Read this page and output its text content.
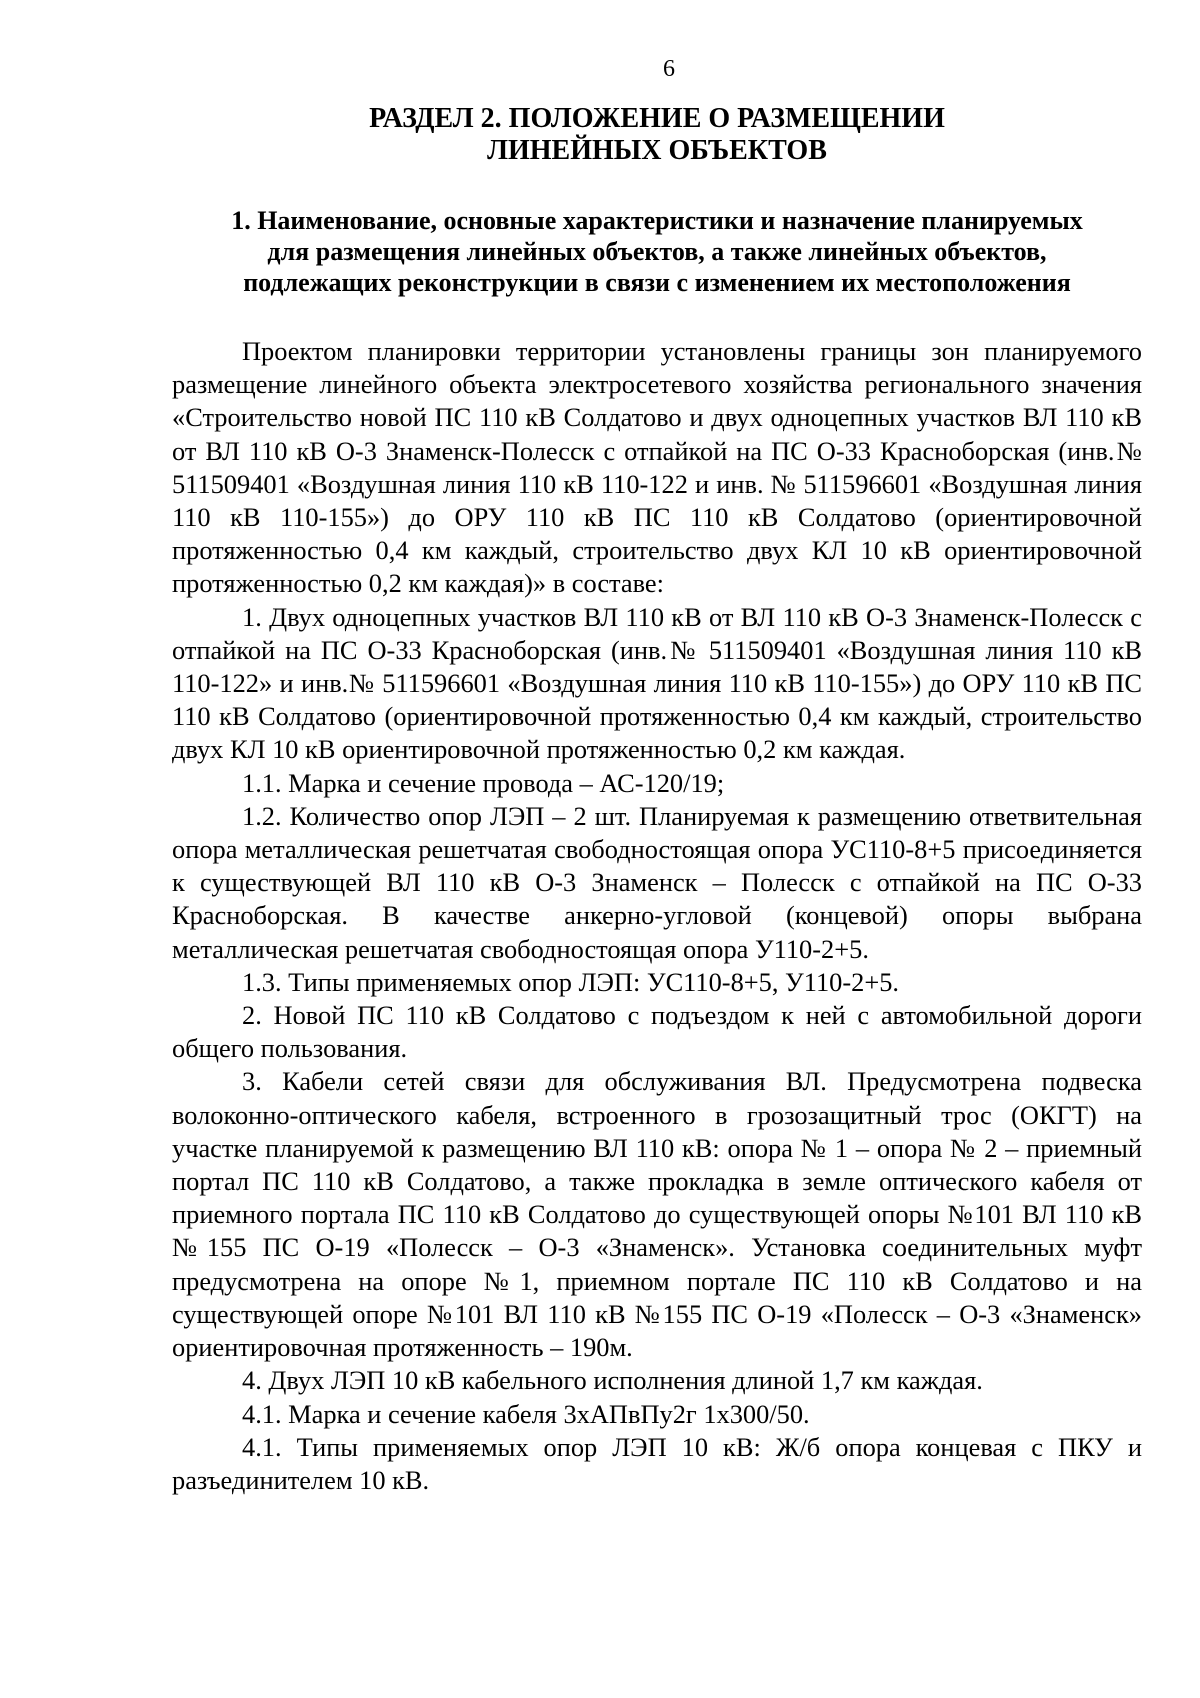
6
РАЗДЕЛ 2. ПОЛОЖЕНИЕ О РАЗМЕЩЕНИИ
ЛИНЕЙНЫХ ОБЪЕКТОВ
1. Наименование, основные характеристики и назначение планируемых
для размещения линейных объектов, а также линейных объектов,
подлежащих реконструкции в связи с изменением их местоположения

Проектом планировки территории установлены границы зон планируемого размещение линейного объекта электросетевого хозяйства регионального значения «Строительство новой ПС 110 кВ Солдатово и двух одноцепных участков ВЛ 110 кВ от ВЛ 110 кВ О-3 Знаменск-Полесск с отпайкой на ПС О-33 Красноборская (инв.№ 511509401 «Воздушная линия 110 кВ 110-122 и инв. № 511596601 «Воздушная линия 110 кВ 110-155») до ОРУ 110 кВ ПС 110 кВ Солдатово (ориентировочной протяженностью 0,4 км каждый, строительство двух КЛ 10 кВ ориентировочной протяженностью 0,2 км каждая)» в составе:

1. Двух одноцепных участков ВЛ 110 кВ от ВЛ 110 кВ О-3 Знаменск-Полесск с отпайкой на ПС О-33 Красноборская (инв.№ 511509401 «Воздушная линия 110 кВ 110-122» и инв.№ 511596601 «Воздушная линия 110 кВ 110-155») до ОРУ 110 кВ ПС 110 кВ Солдатово (ориентировочной протяженностью 0,4 км каждый, строительство двух КЛ 10 кВ ориентировочной протяженностью 0,2 км каждая.

1.1. Марка и сечение провода – АС-120/19;

1.2. Количество опор ЛЭП – 2 шт. Планируемая к размещению ответвительная опора металлическая решетчатая свободностоящая опора УС110-8+5 присоединяется к существующей ВЛ 110 кВ О-3 Знаменск – Полесск с отпайкой на ПС О-33 Красноборская. В качестве анкерно-угловой (концевой) опоры выбрана металлическая решетчатая свободностоящая опора У110-2+5.

1.3. Типы применяемых опор ЛЭП: УС110-8+5, У110-2+5.

2. Новой ПС 110 кВ Солдатово с подъездом к ней с автомобильной дороги общего пользования.

3. Кабели сетей связи для обслуживания ВЛ. Предусмотрена подвеска волоконно-оптического кабеля, встроенного в грозозащитный трос (ОКГТ) на участке планируемой к размещению ВЛ 110 кВ: опора № 1 – опора № 2 – приемный портал ПС 110 кВ Солдатово, а также прокладка в земле оптического кабеля от приемного портала ПС 110 кВ Солдатово до существующей опоры №101 ВЛ 110 кВ №155 ПС О-19 «Полесск – О-3 «Знаменск». Установка соединительных муфт предусмотрена на опоре №1, приемном портале ПС 110 кВ Солдатово и на существующей опоре №101 ВЛ 110 кВ №155 ПС О-19 «Полесск – О-3 «Знаменск» ориентировочная протяженность – 190м.

4. Двух ЛЭП 10 кВ кабельного исполнения длиной 1,7 км каждая.

4.1. Марка и сечение кабеля 3хАПвПу2г 1х300/50.

4.1. Типы применяемых опор ЛЭП 10 кВ: Ж/б опора концевая с ПКУ и разъединителем 10 кВ.
